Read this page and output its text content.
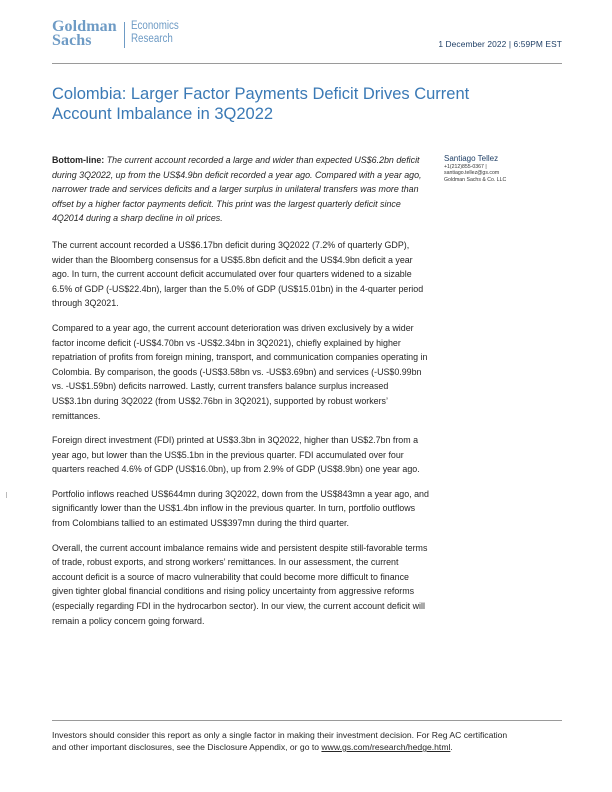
Goldman
Sachs
Economics
Research	1 December 2022 | 6:59PM EST
Colombia: Larger Factor Payments Deficit Drives Current Account Imbalance in 3Q2022
Santiago Tellez
+1(212)855-0367 |
santiago.tellez@gs.com
Goldman Sachs & Co. LLC

Bottom-line: The current account recorded a large and wider than expected US$6.2bn deficit during 3Q2022, up from the US$4.9bn deficit recorded a year ago. Compared with a year ago, narrower trade and services deficits and a larger surplus in unilateral transfers was more than offset by a higher factor payments deficit. This print was the largest quarterly deficit since 4Q2014 during a sharp decline in oil prices.

The current account recorded a US$6.17bn deficit during 3Q2022 (7.2% of quarterly GDP), wider than the Bloomberg consensus for a US$5.8bn deficit and the US$4.9bn deficit a year ago. In turn, the current account deficit accumulated over four quarters widened to a sizable 6.5% of GDP (-US$22.4bn), larger than the 5.0% of GDP (US$15.01bn) in the 4-quarter period through 3Q2021.

Compared to a year ago, the current account deterioration was driven exclusively by a wider factor income deficit (-US$4.70bn vs -US$2.34bn in 3Q2021), chiefly explained by higher repatriation of profits from foreign mining, transport, and communication companies operating in Colombia. By comparison, the goods (-US$3.58bn vs. -US$3.69bn) and services (-US$0.99bn vs. -US$1.59bn) deficits narrowed. Lastly, current transfers balance surplus increased US$3.1bn during 3Q2022 (from US$2.76bn in 3Q2021), supported by robust workers’ remittances.

Foreign direct investment (FDI) printed at US$3.3bn in 3Q2022, higher than US$2.7bn from a year ago, but lower than the US$5.1bn in the previous quarter. FDI accumulated over four quarters reached 4.6% of GDP (US$16.0bn), up from 2.9% of GDP (US$8.9bn) one year ago.

Portfolio inflows reached US$644mn during 3Q2022, down from the US$843mn a year ago, and significantly lower than the US$1.4bn inflow in the previous quarter. In turn, portfolio outflows from Colombians tallied to an estimated US$397mn during the third quarter.

Overall, the current account imbalance remains wide and persistent despite still-favorable terms of trade, robust exports, and strong workers’ remittances. In our assessment, the current account deficit is a source of macro vulnerability that could become more difficult to finance given tighter global financial conditions and rising policy uncertainty from aggressive reforms (especially regarding FDI in the hydrocarbon sector). In our view, the current account deficit will remain a policy concern going forward.

Investors should consider this report as only a single factor in making their investment decision. For Reg AC certification and other important disclosures, see the Disclosure Appendix, or go to www.gs.com/research/hedge.html.
